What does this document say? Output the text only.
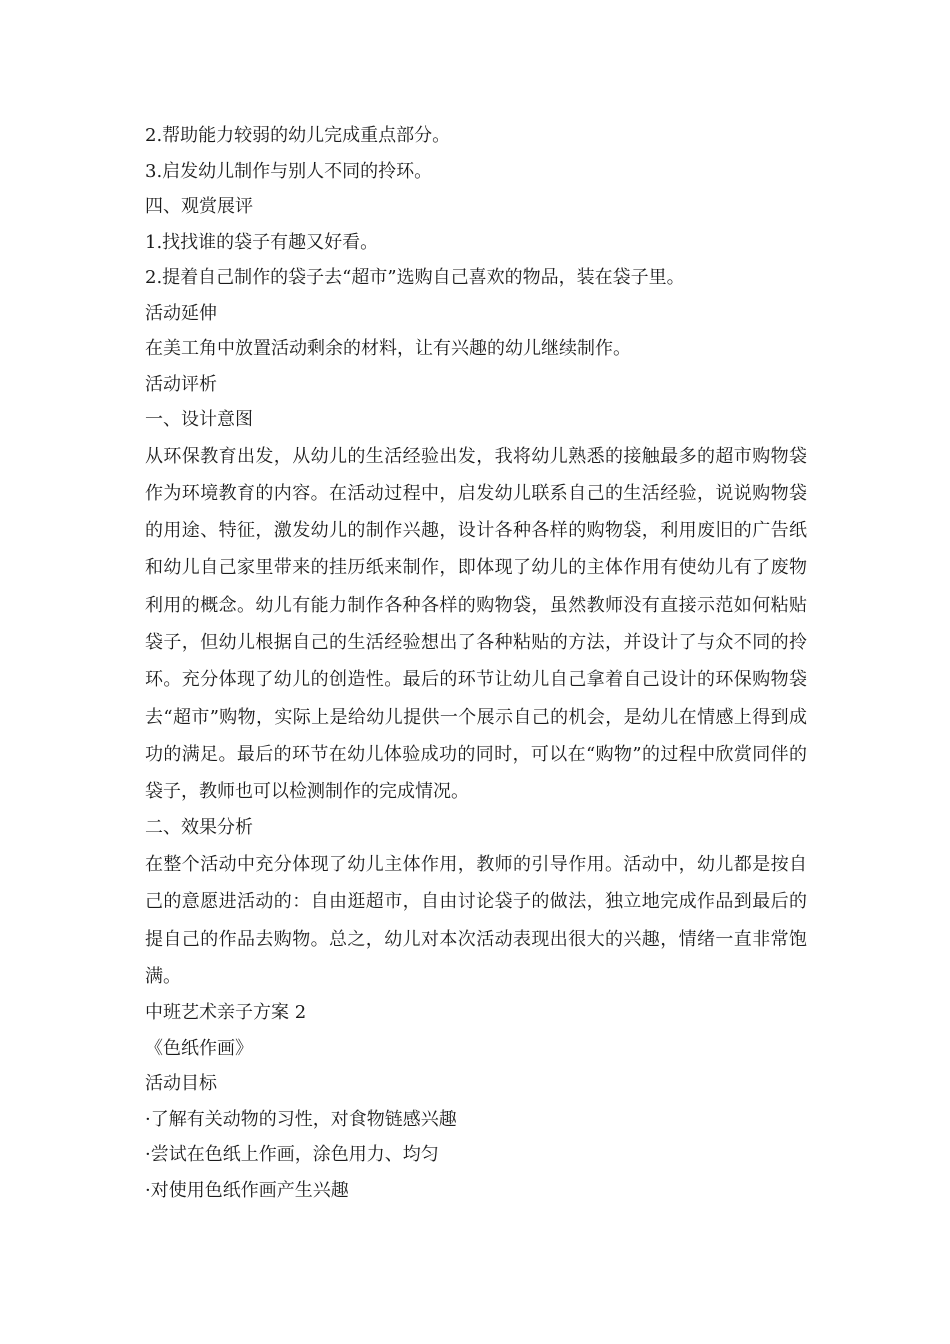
2.帮助能力较弱的幼儿完成重点部分。
3.启发幼儿制作与别人不同的拎环。
四、观赏展评
1.找找谁的袋子有趣又好看。
2.提着自己制作的袋子去“超市”选购自己喜欢的物品，装在袋子里。
活动延伸
在美工角中放置活动剩余的材料，让有兴趣的幼儿继续制作。
活动评析
一、设计意图

从环保教育出发，从幼儿的生活经验出发，我将幼儿熟悉的接触最多的超市购物袋作为环境教育的内容。在活动过程中，启发幼儿联系自己的生活经验，说说购物袋的用途、特征，激发幼儿的制作兴趣，设计各种各样的购物袋，利用废旧的广告纸和幼儿自己家里带来的挂历纸来制作，即体现了幼儿的主体作用有使幼儿有了废物利用的概念。幼儿有能力制作各种各样的购物袋，虽然教师没有直接示范如何粘贴袋子，但幼儿根据自己的生活经验想出了各种粘贴的方法，并设计了与众不同的拎环。充分体现了幼儿的创造性。最后的环节让幼儿自己拿着自己设计的环保购物袋去“超市”购物，实际上是给幼儿提供一个展示自己的机会，是幼儿在情感上得到成功的满足。最后的环节在幼儿体验成功的同时，可以在“购物”的过程中欣赏同伴的袋子，教师也可以检测制作的完成情况。

二、效果分析

在整个活动中充分体现了幼儿主体作用，教师的引导作用。活动中，幼儿都是按自己的意愿进活动的：自由逛超市，自由讨论袋子的做法，独立地完成作品到最后的提自己的作品去购物。总之，幼儿对本次活动表现出很大的兴趣，情绪一直非常饱满。

中班艺术亲子方案 2
《色纸作画》
活动目标
·了解有关动物的习性，对食物链感兴趣
·尝试在色纸上作画，涂色用力、均匀
·对使用色纸作画产生兴趣
